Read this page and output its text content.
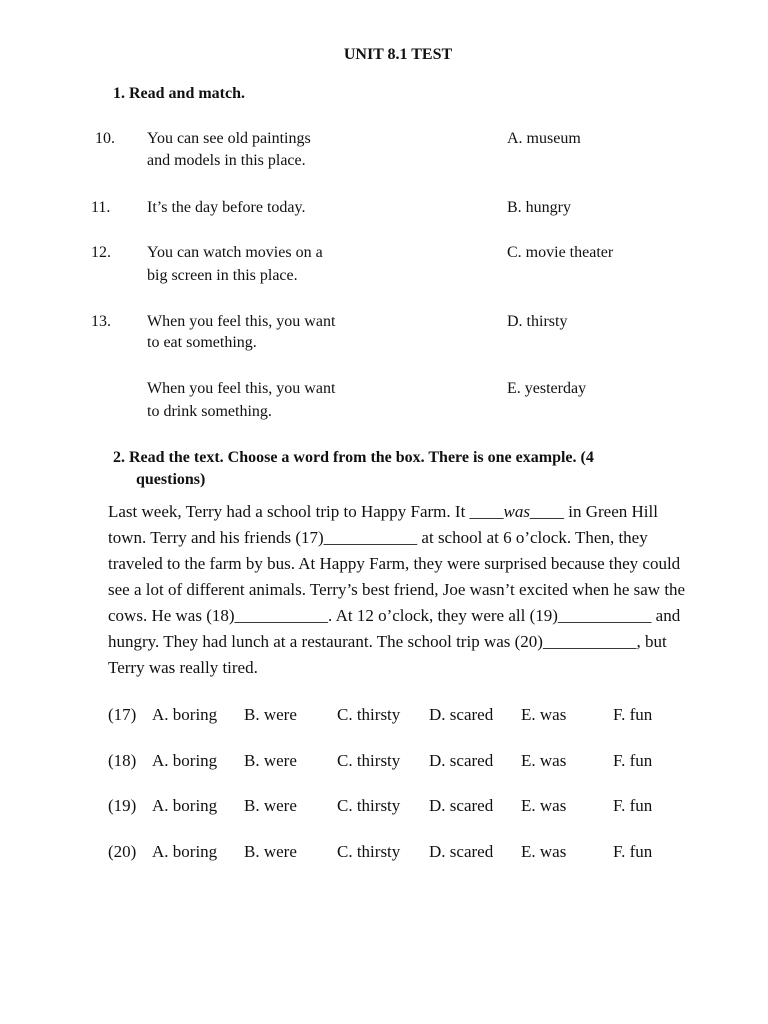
UNIT 8.1 TEST
1. Read and match.
10. You can see old paintings
and models in this place.
A. museum
11. It’s the day before today.	B. hungry
12. You can watch movies on a
big screen in this place.
C. movie theater
13. When you feel this, you want
to eat something.
D. thirsty
When you feel this, you want
to drink something.
E. yesterday
2. Read the text. Choose a word from the box. There is one example. (4
questions)
Last week, Terry had a school trip to Happy Farm. It ____was____ in Green Hill
town. Terry and his friends (17)___________ at school at 6 o’clock. Then, they
traveled to the farm by bus. At Happy Farm, they were surprised because they could
see a lot of different animals. Terry’s best friend, Joe wasn’t excited when he saw the
cows. He was (18)___________. At 12 o’clock, they were all (19)___________ and
hungry. They had lunch at a restaurant. The school trip was (20)___________, but
Terry was really tired.
(17) A. boring B. were C. thirsty D. scared E. was	F. fun
(18) A. boring B. were C. thirsty D. scared E. was	F. fun
(19) A. boring B. were C. thirsty D. scared E. was	F. fun
(20) A. boring B. were C. thirsty D. scared E. was	F. fun
